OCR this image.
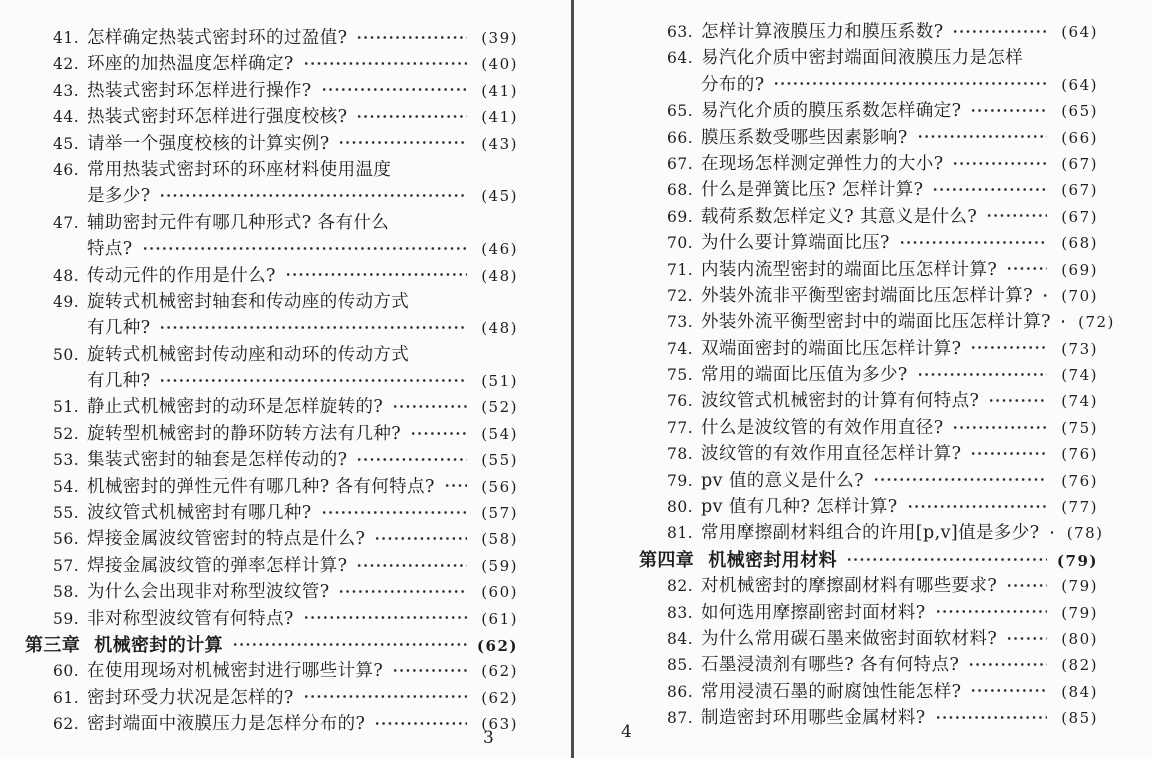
41. 怎样确定热装式密封环的过盈值?	(39)
42. 环座的加热温度怎样确定?	(40)
43. 热装式密封环怎样进行操作?	(41)
44. 热装式密封环怎样进行强度校核?	(41)
45. 请举一个强度校核的计算实例?	(43)
46. 常用热装式密封环的环座材料使用温度
是多少?	(45)
47. 辅助密封元件有哪几种形式? 各有什么
特点?	(46)
48. 传动元件的作用是什么?	(48)
49. 旋转式机械密封轴套和传动座的传动方式
有几种?	(48)
50. 旋转式机械密封传动座和动环的传动方式
有几种?	(51)
51. 静止式机械密封的动环是怎样旋转的?	(52)
52. 旋转型机械密封的静环防转方法有几种?	(54)
53. 集装式密封的轴套是怎样传动的?	(55)
54. 机械密封的弹性元件有哪几种? 各有何特点?	(56)
55. 波纹管式机械密封有哪几种?	(57)
56. 焊接金属波纹管密封的特点是什么?	(58)
57. 焊接金属波纹管的弹率怎样计算?	(59)
58. 为什么会出现非对称型波纹管?	(60)
59. 非对称型波纹管有何特点?	(61)
第三章 机械密封的计算	(62)
60. 在使用现场对机械密封进行哪些计算?	(62)
61. 密封环受力状况是怎样的?	(62)
62. 密封端面中液膜压力是怎样分布的?	(63)
63. 怎样计算液膜压力和膜压系数?	(64)
64. 易汽化介质中密封端面间液膜压力是怎样
分布的?	(64)
65. 易汽化介质的膜压系数怎样确定?	(65)
66. 膜压系数受哪些因素影响?	(66)
67. 在现场怎样测定弹性力的大小?	(67)
68. 什么是弹簧比压? 怎样计算?	(67)
69. 载荷系数怎样定义? 其意义是什么?	(67)
70. 为什么要计算端面比压?	(68)
71. 内装内流型密封的端面比压怎样计算?	(69)
72. 外装外流非平衡型密封端面比压怎样计算?	(70)
73. 外装外流平衡型密封中的端面比压怎样计算?	(72)
74. 双端面密封的端面比压怎样计算?	(73)
75. 常用的端面比压值为多少?	(74)
76. 波纹管式机械密封的计算有何特点?	(74)
77. 什么是波纹管的有效作用直径?	(75)
78. 波纹管的有效作用直径怎样计算?	(76)
79. pv 值的意义是什么?	(76)
80. pv 值有几种? 怎样计算?	(77)
81. 常用摩擦副材料组合的许用[p,v]值是多少?	(78)
第四章 机械密封用材料	(79)
82. 对机械密封的摩擦副材料有哪些要求?	(79)
83. 如何选用摩擦副密封面材料?	(79)
84. 为什么常用碳石墨来做密封面软材料?	(80)
85. 石墨浸渍剂有哪些? 各有何特点?	(82)
86. 常用浸渍石墨的耐腐蚀性能怎样?	(84)
87. 制造密封环用哪些金属材料?	(85)
3	4
